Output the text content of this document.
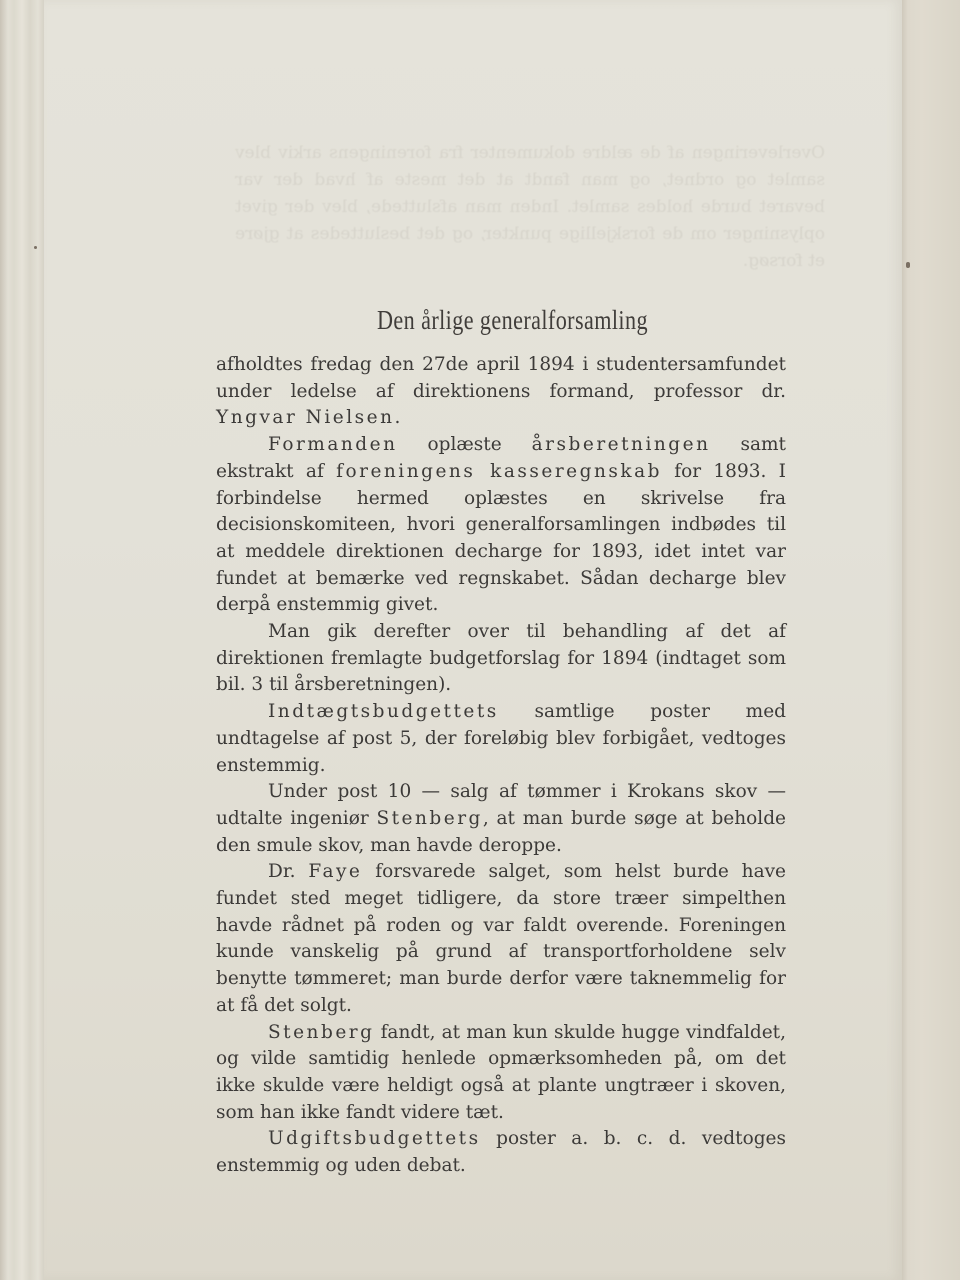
Overleveringen af de ældre dokumenter fra foreningens arkiv blev samlet og ordnet, og man fandt at det meste af hvad der var bevaret burde holdes samlet. Inden man afsluttede, blev der givet oplysninger om de forskjellige punkter, og det besluttedes at gjøre et forsøg.
Den årlige generalforsamling

afholdtes fredag den 27de april 1894 i studentersamfundet under ledelse af direktionens formand, professor dr. Yngvar Nielsen.

Formanden oplæste årsberetningen samt ekstrakt af foreningens kasseregnskab for 1893. I forbindelse hermed oplæstes en skrivelse fra decisionskomiteen, hvori generalforsamlingen indbødes til at meddele direktionen decharge for 1893, idet intet var fundet at bemærke ved regnskabet. Sådan decharge blev derpå enstemmig givet.

Man gik derefter over til behandling af det af direktionen fremlagte budgetforslag for 1894 (indtaget som bil. 3 til årsberetningen).

Indtægtsbudgettets samtlige poster med undtagelse af post 5, der foreløbig blev forbigået, vedtoges enstemmig.

Under post 10 — salg af tømmer i Krokans skov — udtalte ingeniør Stenberg, at man burde søge at beholde den smule skov, man havde deroppe.

Dr. Faye forsvarede salget, som helst burde have fundet sted meget tidligere, da store træer simpelthen havde rådnet på roden og var faldt overende. Foreningen kunde vanskelig på grund af transportforholdene selv benytte tømmeret; man burde derfor være taknemmelig for at få det solgt.

Stenberg fandt, at man kun skulde hugge vindfaldet, og vilde samtidig henlede opmærksomheden på, om det ikke skulde være heldigt også at plante ungtræer i skoven, som han ikke fandt videre tæt.

Udgiftsbudgettets poster a. b. c. d. vedtoges enstemmig og uden debat.
